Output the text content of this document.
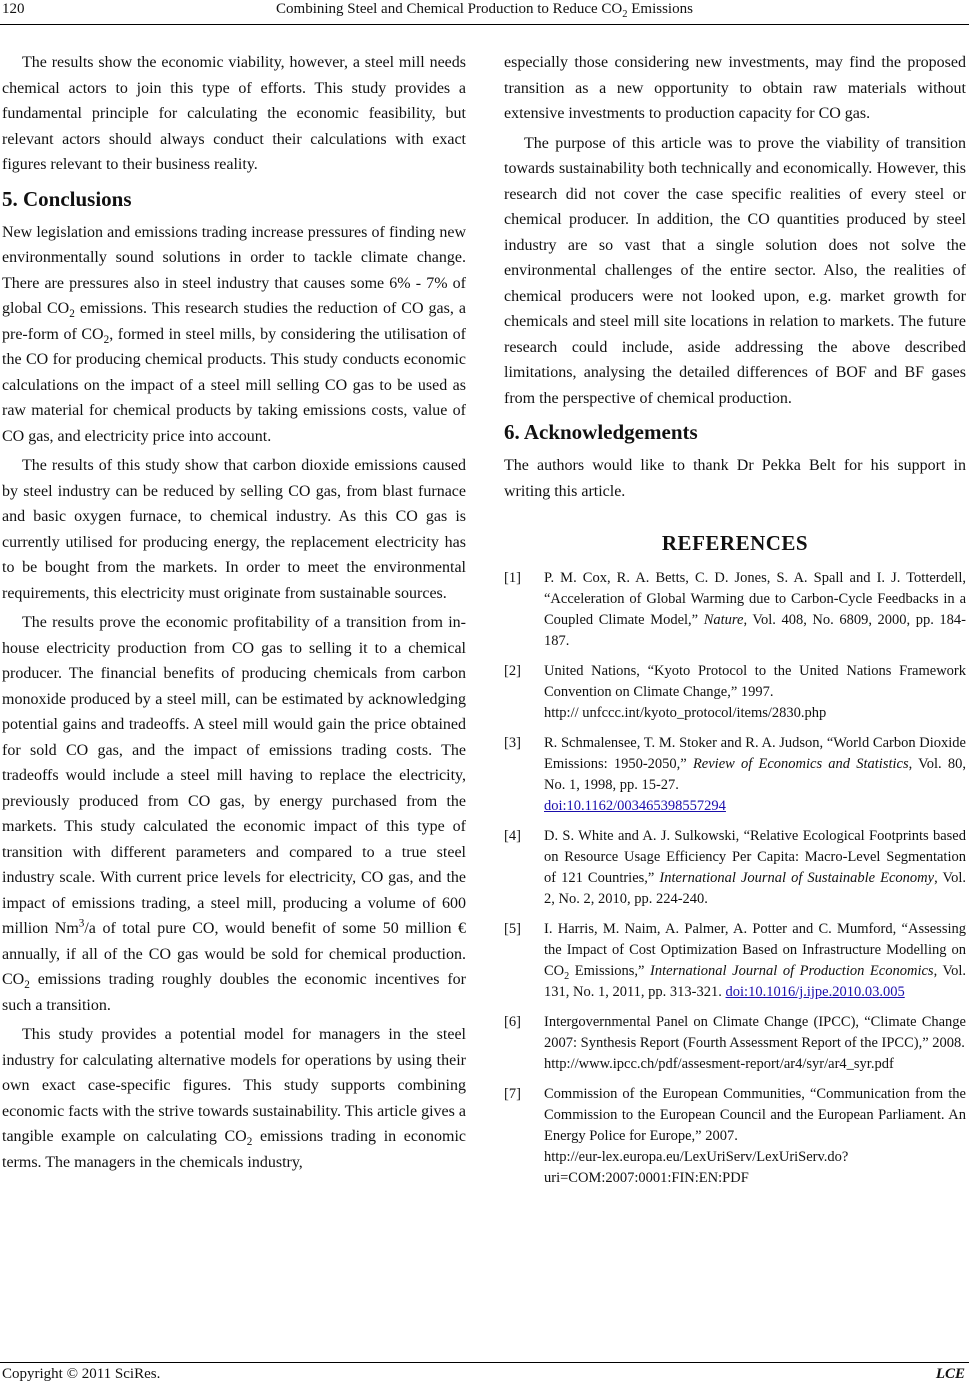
120	Combining Steel and Chemical Production to Reduce $CO_2$ Emissions

The results show the economic viability, however, a steel mill needs chemical actors to join this type of efforts. This study provides a fundamental principle for calculating the economic feasibility, but relevant actors should always conduct their calculations with exact figures relevant to their business reality.

5. Conclusions

New legislation and emissions trading increase pressures of finding new environmentally sound solutions in order to tackle climate change. There are pressures also in steel industry that causes some 6% - 7% of global $CO_2$ emissions. This research studies the reduction of CO gas, a pre-form of $CO_2$, formed in steel mills, by considering the utilisation of the CO for producing chemical products. This study conducts economic calculations on the impact of a steel mill selling CO gas to be used as raw material for chemical products by taking emissions costs, value of CO gas, and electricity price into account.

The results of this study show that carbon dioxide emissions caused by steel industry can be reduced by selling CO gas, from blast furnace and basic oxygen furnace, to chemical industry. As this CO gas is currently utilised for producing energy, the replacement electricity has to be bought from the markets. In order to meet the environmental requirements, this electricity must originate from sustainable sources.

The results prove the economic profitability of a transition from in-house electricity production from CO gas to selling it to a chemical producer. The financial benefits of producing chemicals from carbon monoxide produced by a steel mill, can be estimated by acknowledging potential gains and tradeoffs. A steel mill would gain the price obtained for sold CO gas, and the impact of emissions trading costs. The tradeoffs would include a steel mill having to replace the electricity, previously produced from CO gas, by energy purchased from the markets. This study calculated the economic impact of this type of transition with different parameters and compared to a true steel industry scale. With current price levels for electricity, CO gas, and the impact of emissions trading, a steel mill, producing a volume of 600 million Nm$^3$/a of total pure CO, would benefit of some 50 million € annually, if all of the CO gas would be sold for chemical production. $CO_2$ emissions trading roughly doubles the economic incentives for such a transition.

This study provides a potential model for managers in the steel industry for calculating alternative models for operations by using their own exact case-specific figures. This study supports combining economic facts with the strive towards sustainability. This article gives a tangible example on calculating $CO_2$ emissions trading in economic terms. The managers in the chemicals industry,

especially those considering new investments, may find the proposed transition as a new opportunity to obtain raw materials without extensive investments to production capacity for CO gas.

The purpose of this article was to prove the viability of transition towards sustainability both technically and economically. However, this research did not cover the case specific realities of every steel or chemical producer. In addition, the CO quantities produced by steel industry are so vast that a single solution does not solve the environmental challenges of the entire sector. Also, the realities of chemical producers were not looked upon, e.g. market growth for chemicals and steel mill site locations in relation to markets. The future research could include, aside addressing the above described limitations, analysing the detailed differences of BOF and BF gases from the perspective of chemical production.

6. Acknowledgements

The authors would like to thank Dr Pekka Belt for his support in writing this article.

REFERENCES
[1]	P. M. Cox, R. A. Betts, C. D. Jones, S. A. Spall and I. J. Totterdell, “Acceleration of Global Warming due to Carbon-Cycle Feedbacks in a Coupled Climate Model,” Nature, Vol. 408, No. 6809, 2000, pp. 184-187.
[2]	United Nations, “Kyoto Protocol to the United Nations Framework Convention on Climate Change,” 1997.
http:// unfccc.int/kyoto_protocol/items/2830.php
[3]	R. Schmalensee, T. M. Stoker and R. A. Judson, “World Carbon Dioxide Emissions: 1950-2050,” Review of Economics and Statistics, Vol. 80, No. 1, 1998, pp. 15-27.
doi:10.1162/003465398557294
[4]	D. S. White and A. J. Sulkowski, “Relative Ecological Footprints based on Resource Usage Efficiency Per Capita: Macro-Level Segmentation of 121 Countries,” International Journal of Sustainable Economy, Vol. 2, No. 2, 2010, pp. 224-240.
[5]	I. Harris, M. Naim, A. Palmer, A. Potter and C. Mumford, “Assessing the Impact of Cost Optimization Based on Infrastructure Modelling on $CO_2$ Emissions,” International Journal of Production Economics, Vol. 131, No. 1, 2011, pp. 313-321. doi:10.1016/j.ijpe.2010.03.005
[6]	Intergovernmental Panel on Climate Change (IPCC), “Climate Change 2007: Synthesis Report (Fourth Assessment Report of the IPCC),” 2008.
http://www.ipcc.ch/pdf/assesment-report/ar4/syr/ar4_syr.pdf
[7]	Commission of the European Communities, “Communication from the Commission to the European Council and the European Parliament. An Energy Police for Europe,” 2007.
http://eur-lex.europa.eu/LexUriServ/LexUriServ.do?uri=COM:2007:0001:FIN:EN:PDF
Copyright © 2011 SciRes.	LCE
